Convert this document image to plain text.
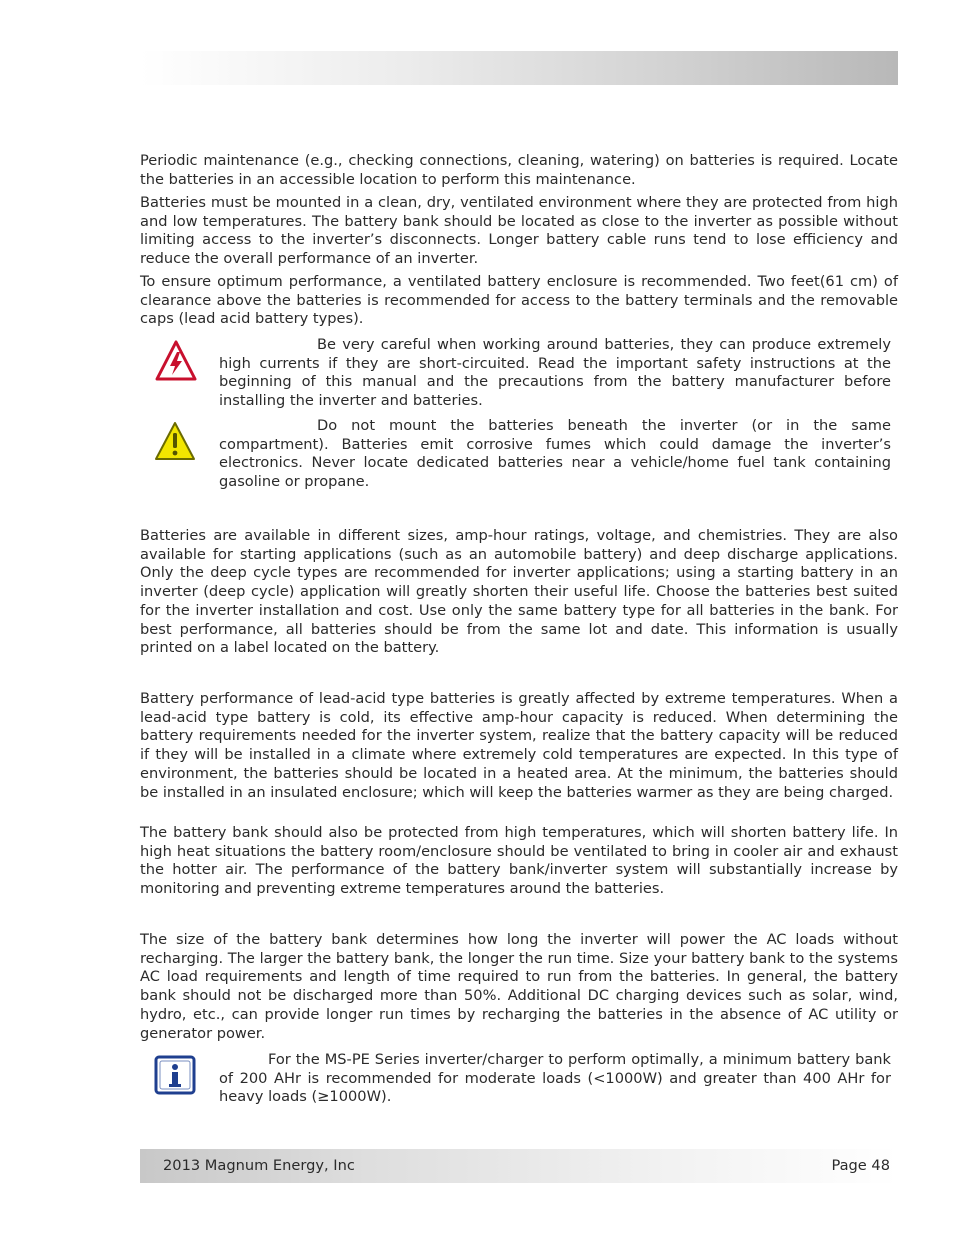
Periodic maintenance (e.g., checking connections, cleaning, watering) on batteries is required. Locate the batteries in an accessible location to perform this maintenance.

Batteries must be mounted in a clean, dry, ventilated environment where they are protected from high and low temperatures. The battery bank should be located as close to the inverter as possible without limiting access to the inverter’s disconnects. Longer battery cable runs tend to lose efficiency and reduce the overall performance of an inverter.

To ensure optimum performance, a ventilated battery enclosure is recommended. Two feet(61 cm) of clearance above the batteries is recommended for access to the battery terminals and the removable caps (lead acid battery types).

Be very careful when working around batteries, they can produce extremely high currents if they are short-circuited. Read the important safety instructions at the beginning of this manual and the precautions from the battery manufacturer before installing the inverter and batteries.

Do not mount the batteries beneath the inverter (or in the same compartment). Batteries emit corrosive fumes which could damage the inverter’s electronics. Never locate dedicated batteries near a vehicle/home fuel tank containing gasoline or propane.

Batteries are available in different sizes, amp-hour ratings, voltage, and chemistries. They are also available for starting applications (such as an automobile battery) and deep discharge applications. Only the deep cycle types are recommended for inverter applications; using a starting battery in an inverter (deep cycle) application will greatly shorten their useful life. Choose the batteries best suited for the inverter installation and cost. Use only the same battery type for all batteries in the bank. For best performance, all batteries should be from the same lot and date. This information is usually printed on a label located on the battery.

Battery performance of lead-acid type batteries is greatly affected by extreme temperatures. When a lead-acid type battery is cold, its effective amp-hour capacity is reduced. When determining the battery requirements needed for the inverter system, realize that the battery capacity will be reduced if they will be installed in a climate where extremely cold temperatures are expected. In this type of environment, the batteries should be located in a heated area. At the minimum, the batteries should be installed in an insulated enclosure; which will keep the batteries warmer as they are being charged.

The battery bank should also be protected from high temperatures, which will shorten battery life. In high heat situations the battery room/enclosure should be ventilated to bring in cooler air and exhaust the hotter air. The performance of the battery bank/inverter system will substantially increase by monitoring and preventing extreme temperatures around the batteries.

The size of the battery bank determines how long the inverter will power the AC loads without recharging. The larger the battery bank, the longer the run time. Size your battery bank to the systems AC load requirements and length of time required to run from the batteries. In general, the battery bank should not be discharged more than 50%. Additional DC charging devices such as solar, wind, hydro, etc., can provide longer run times by recharging the batteries in the absence of AC utility or generator power.

For the MS-PE Series inverter/charger to perform optimally, a minimum battery bank of 200 AHr is recommended for moderate loads (<1000W) and greater than 400 AHr for heavy loads (≥1000W).

2013 Magnum Energy, Inc	Page 48
